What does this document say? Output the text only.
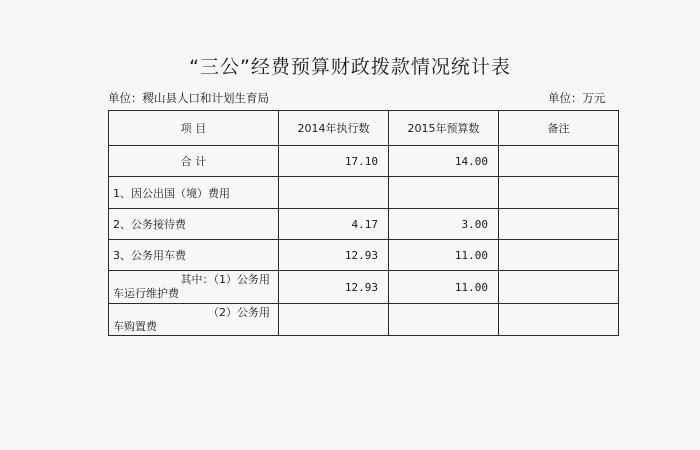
“三公”经费预算财政拨款情况统计表
单位：稷山县人口和计划生育局	单位：万元
项 目	2014年执行数	2015年预算数	备注
合 计	17.10	14.00	
1、因公出国（境）费用			
2、公务接待费	4.17	3.00	
3、公务用车费	12.93	11.00	

其中：（1）公务用
车运行维护费	12.93	11.00	

（2）公务用
车购置费			
